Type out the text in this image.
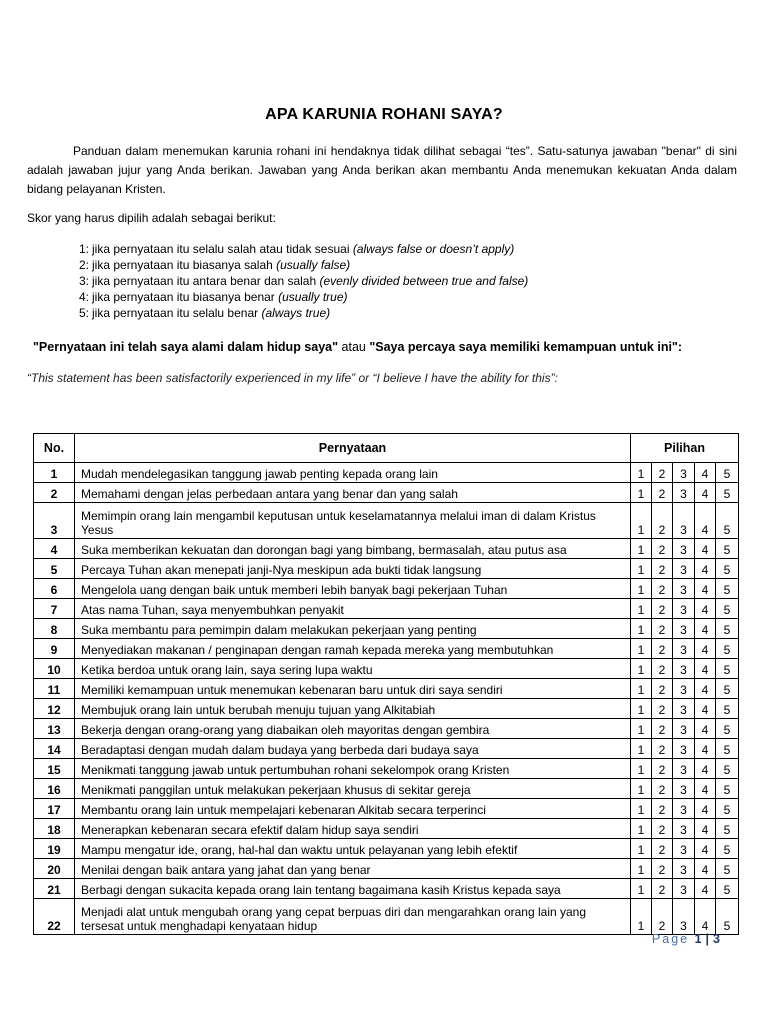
APA KARUNIA ROHANI SAYA?
Panduan dalam menemukan karunia rohani ini hendaknya tidak dilihat sebagai “tes”. Satu-satunya jawaban "benar" di sini adalah jawaban jujur yang Anda berikan. Jawaban yang Anda berikan akan membantu Anda menemukan kekuatan Anda dalam bidang pelayanan Kristen.
Skor yang harus dipilih adalah sebagai berikut:
1: jika pernyataan itu selalu salah atau tidak sesuai (always false or doesn’t apply)
2: jika pernyataan itu biasanya salah (usually false)
3: jika pernyataan itu antara benar dan salah (evenly divided between true and false)
4: jika pernyataan itu biasanya benar (usually true)
5: jika pernyataan itu selalu benar (always true)
"Pernyataan ini telah saya alami dalam hidup saya" atau "Saya percaya saya memiliki kemampuan untuk ini":
“This statement has been satisfactorily experienced in my life” or “I believe I have the ability for this”:
No.	Pernyataan	Pilihan				
1	Mudah mendelegasikan tanggung jawab penting kepada orang lain	1	2	3	4	5
2	Memahami dengan jelas perbedaan antara yang benar dan yang salah	1	2	3	4	5
3	Memimpin orang lain mengambil keputusan untuk keselamatannya melalui iman di dalam Kristus Yesus	1	2	3	4	5
4	Suka memberikan kekuatan dan dorongan bagi yang bimbang, bermasalah, atau putus asa	1	2	3	4	5
5	Percaya Tuhan akan menepati janji-Nya meskipun ada bukti tidak langsung	1	2	3	4	5
6	Mengelola uang dengan baik untuk memberi lebih banyak bagi pekerjaan Tuhan	1	2	3	4	5
7	Atas nama Tuhan, saya menyembuhkan penyakit	1	2	3	4	5
8	Suka membantu para pemimpin dalam melakukan pekerjaan yang penting	1	2	3	4	5
9	Menyediakan makanan / penginapan dengan ramah kepada mereka yang membutuhkan	1	2	3	4	5
10	Ketika berdoa untuk orang lain, saya sering lupa waktu	1	2	3	4	5
11	Memiliki kemampuan untuk menemukan kebenaran baru untuk diri saya sendiri	1	2	3	4	5
12	Membujuk orang lain untuk berubah menuju tujuan yang Alkitabiah	1	2	3	4	5
13	Bekerja dengan orang-orang yang diabaikan oleh mayoritas dengan gembira	1	2	3	4	5
14	Beradaptasi dengan mudah dalam budaya yang berbeda dari budaya saya	1	2	3	4	5
15	Menikmati tanggung jawab untuk pertumbuhan rohani sekelompok orang Kristen	1	2	3	4	5
16	Menikmati panggilan untuk melakukan pekerjaan khusus di sekitar gereja	1	2	3	4	5
17	Membantu orang lain untuk mempelajari kebenaran Alkitab secara terperinci	1	2	3	4	5
18	Menerapkan kebenaran secara efektif dalam hidup saya sendiri	1	2	3	4	5
19	Mampu mengatur ide, orang, hal-hal dan waktu untuk pelayanan yang lebih efektif	1	2	3	4	5
20	Menilai dengan baik antara yang jahat dan yang benar	1	2	3	4	5
21	Berbagi dengan sukacita kepada orang lain tentang bagaimana kasih Kristus kepada saya	1	2	3	4	5
22	Menjadi alat untuk mengubah orang yang cepat berpuas diri dan mengarahkan orang lain yang tersesat untuk menghadapi kenyataan hidup	1	2	3	4	5
Page 1 | 3
